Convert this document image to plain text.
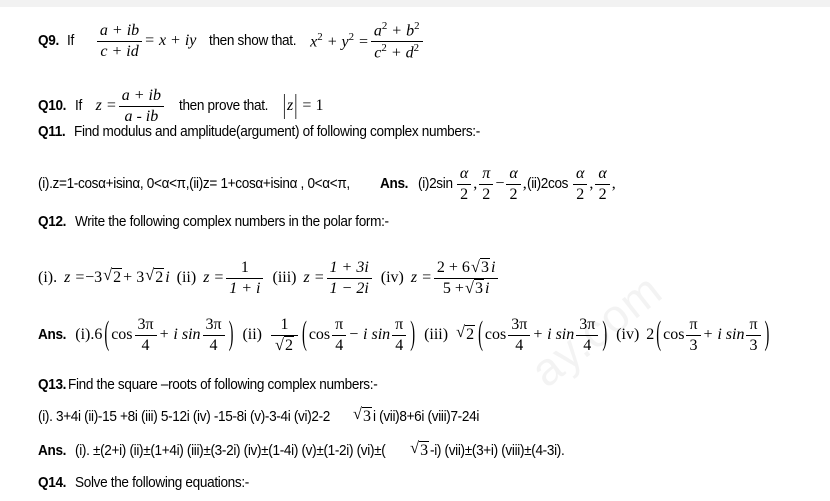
Q9. If $\frac{a + ib}{c + id} = x$ + iy then show that. $x^2 + y^2 = \frac{a^2 + b^2}{c^2 + d^2}$
Q10. If $z = \frac{a + ib}{a - ib}$ then prove that. |z| = 1
Q11. Find modulus and amplitude(argument) of following complex numbers:-
(i).z=1-cosα+isinα, 0<α<π,(ii)z= 1+cosα+isinα , 0<α<π, Ans. $(i)2\sin \frac{\alpha}{2}$ , $\frac{\pi}{2} - \frac{\alpha}{2} ,(ii)2\cos \frac{\alpha}{2}$ , $\frac{\alpha}{2}$ ,
Q12. Write the following complex numbers in the polar form:-
(i). z =−3 √ 2 + 3 √ 2 i (ii) $z = \frac{1}{1 + i} (iii) z = \frac{1 + 3i}{1 - 2i} (iv) z = \frac{2 + 6 √ 3 i}{5 + √ 3 i}$
Ans. (i).6 ( $\cos \frac{3\pi}{4} + i$ $\sin \frac{3\pi}{4}$ ) (ii) 1
√ 2 ( $\cos \frac{\pi}{4} - i$ $\sin \frac{\pi}{4}$ ) (iii) √ 2 ( $\cos \frac{3\pi}{4} + i$ $\sin \frac{3\pi}{4}$ ) (iv) 2 ( $\cos \frac{\pi}{3} + i$ $\sin \frac{\pi}{3}$ )
Q13. Find the square –roots of following complex numbers:-
(i). 3+4i (ii)-15 +8i (iii) 5-12i (iv) -15-8i (v)-3-4i (vi)2-2 √ 3 i (vii)8+6i (viii)7-24i
Ans. (i). ±(2+i) (ii)±(1+4i) (iii)±(3-2i) (iv)±(1-4i) (v)±(1-2i) (vi)±( √ 3 -i) (vii)±(3+i) (viii)±(4-3i).
Q14. Solve the following equations:-
